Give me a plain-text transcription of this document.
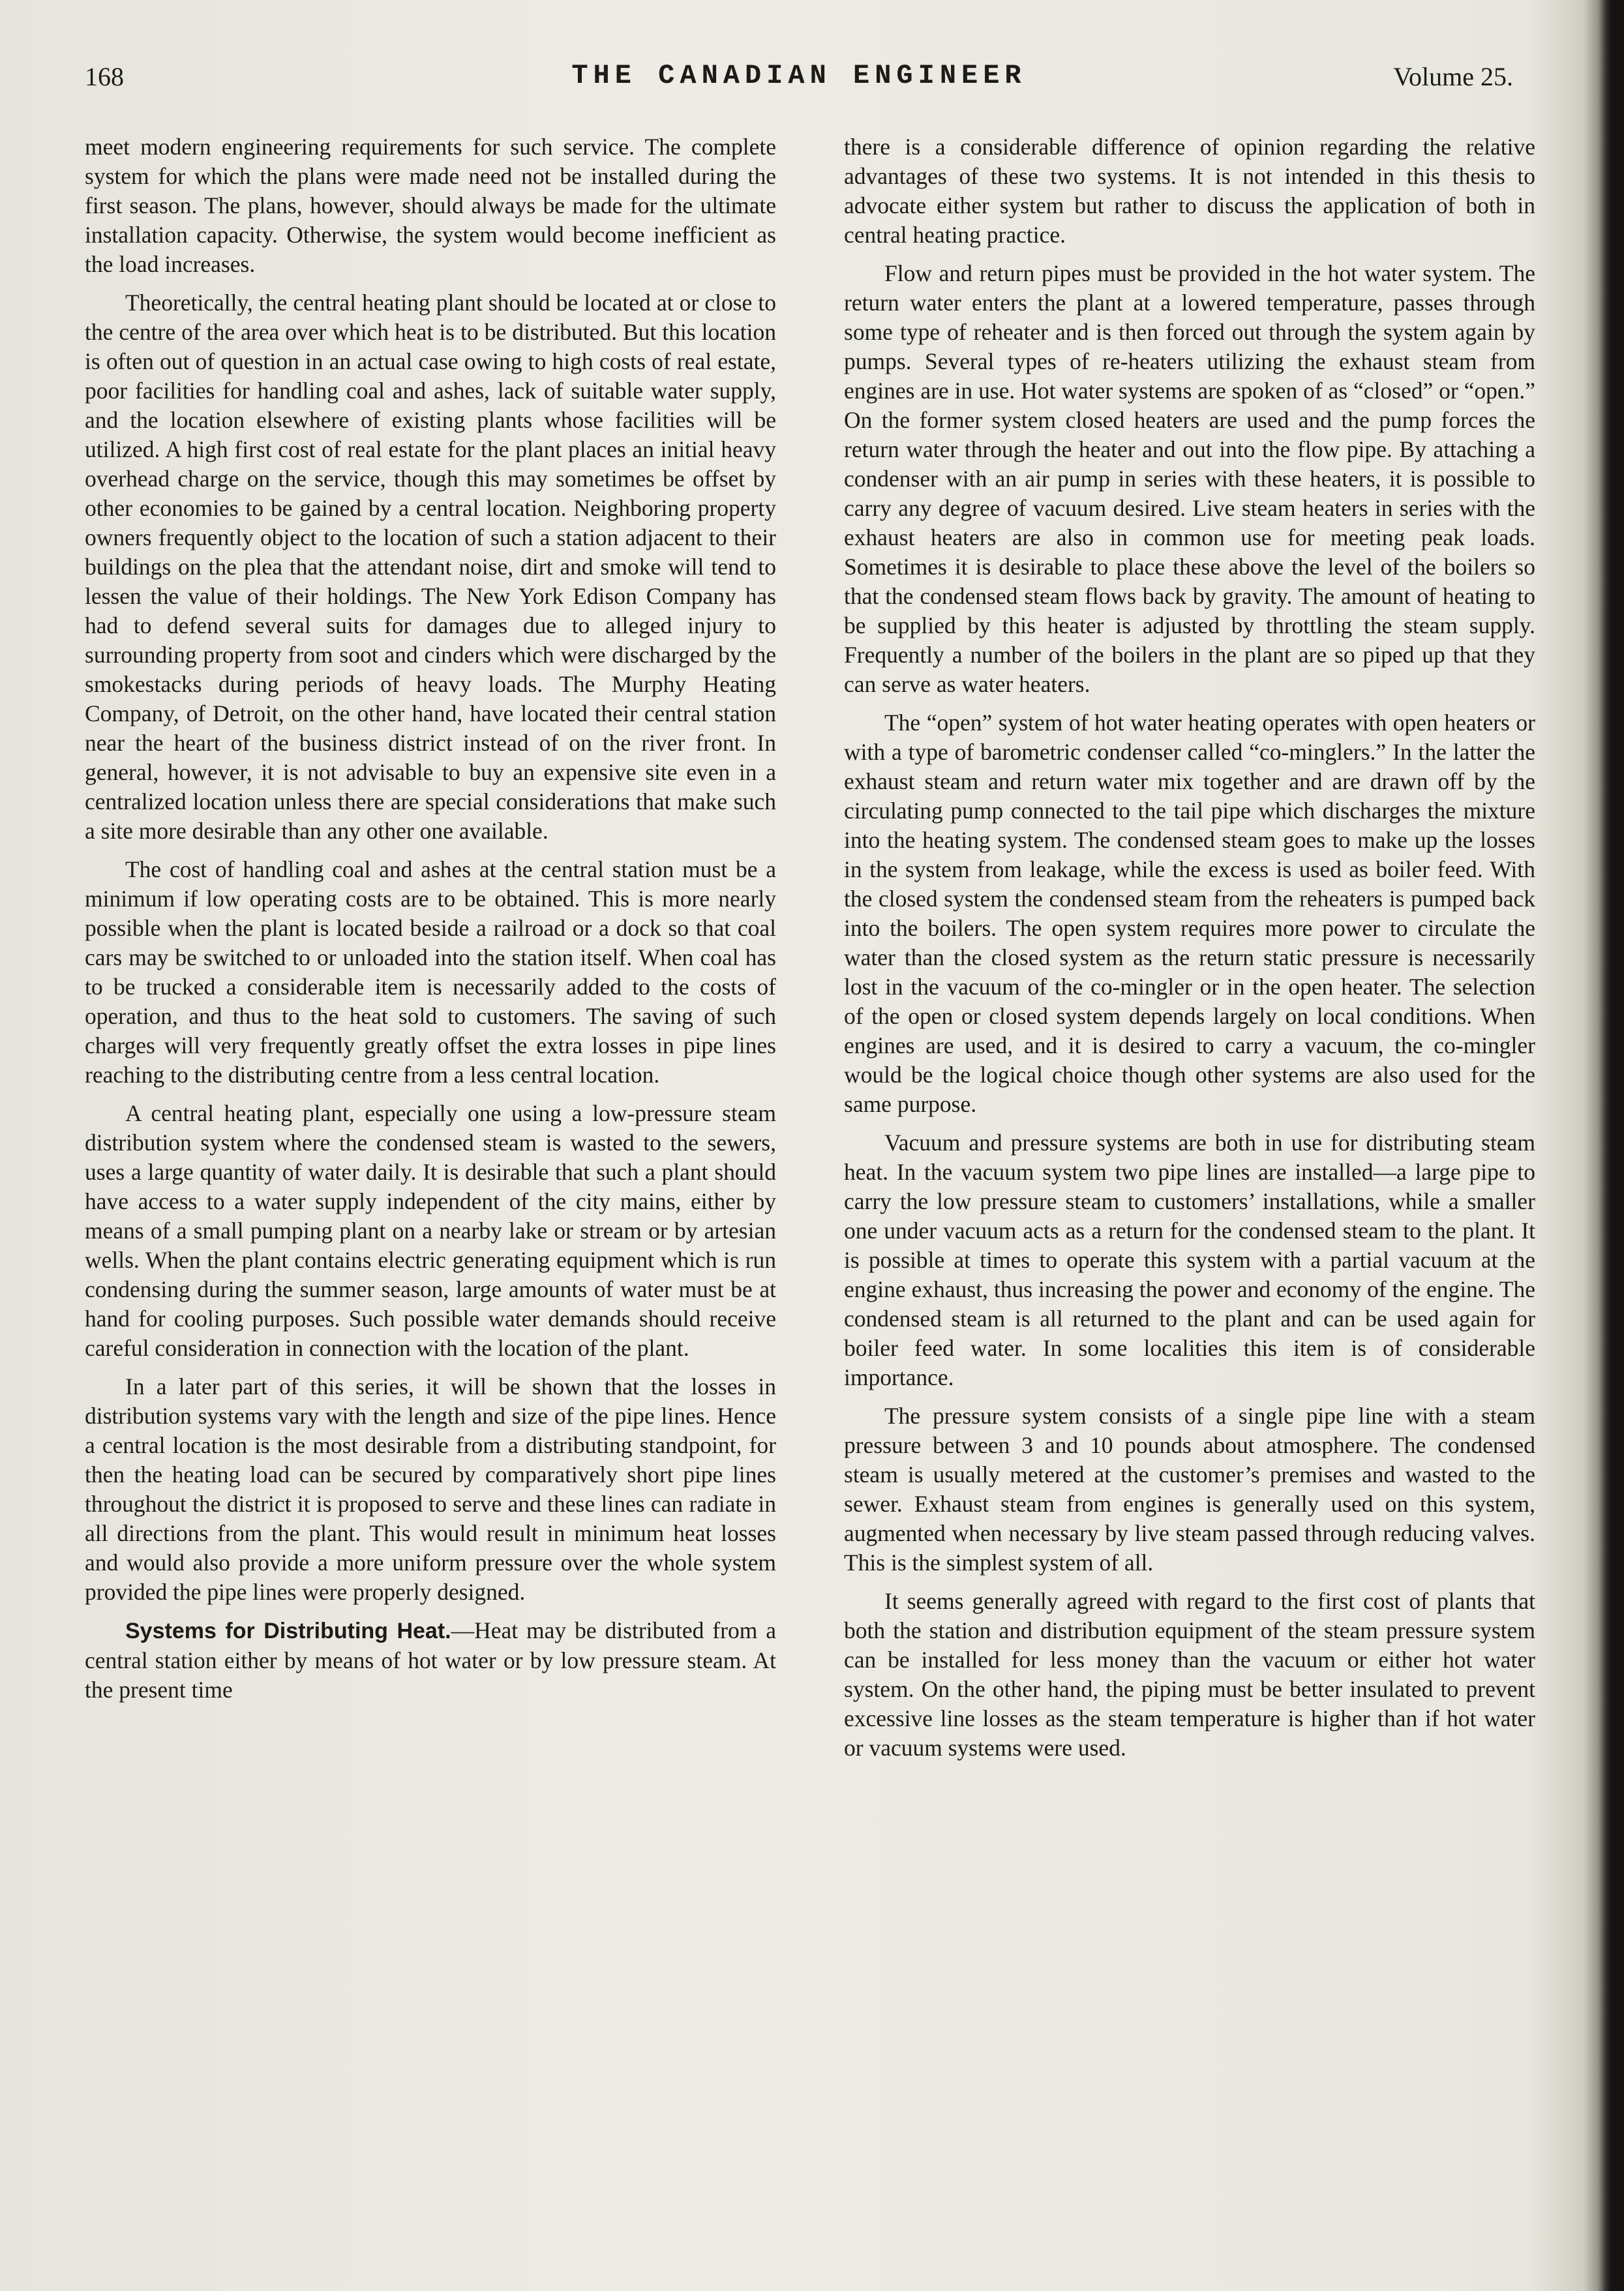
168	THE CANADIAN ENGINEER	Volume 25.

meet modern engineering requirements for such service. The complete system for which the plans were made need not be installed during the first season. The plans, however, should always be made for the ultimate installation capacity. Otherwise, the system would become inefficient as the load increases.

Theoretically, the central heating plant should be located at or close to the centre of the area over which heat is to be distributed. But this location is often out of question in an actual case owing to high costs of real estate, poor facilities for handling coal and ashes, lack of suitable water supply, and the location elsewhere of existing plants whose facilities will be utilized. A high first cost of real estate for the plant places an initial heavy overhead charge on the service, though this may sometimes be offset by other economies to be gained by a central location. Neighboring property owners frequently object to the location of such a station adjacent to their buildings on the plea that the attendant noise, dirt and smoke will tend to lessen the value of their holdings. The New York Edison Company has had to defend several suits for damages due to alleged injury to surrounding property from soot and cinders which were discharged by the smokestacks during periods of heavy loads. The Murphy Heating Company, of Detroit, on the other hand, have located their central station near the heart of the business district instead of on the river front. In general, however, it is not advisable to buy an expensive site even in a centralized location unless there are special considerations that make such a site more desirable than any other one available.

The cost of handling coal and ashes at the central station must be a minimum if low operating costs are to be obtained. This is more nearly possible when the plant is located beside a railroad or a dock so that coal cars may be switched to or unloaded into the station itself. When coal has to be trucked a considerable item is necessarily added to the costs of operation, and thus to the heat sold to customers. The saving of such charges will very frequently greatly offset the extra losses in pipe lines reaching to the distributing centre from a less central location.

A central heating plant, especially one using a low-pressure steam distribution system where the condensed steam is wasted to the sewers, uses a large quantity of water daily. It is desirable that such a plant should have access to a water supply independent of the city mains, either by means of a small pumping plant on a nearby lake or stream or by artesian wells. When the plant contains electric generating equipment which is run condensing during the summer season, large amounts of water must be at hand for cooling purposes. Such possible water demands should receive careful consideration in connection with the location of the plant.

In a later part of this series, it will be shown that the losses in distribution systems vary with the length and size of the pipe lines. Hence a central location is the most desirable from a distributing standpoint, for then the heating load can be secured by comparatively short pipe lines throughout the district it is proposed to serve and these lines can radiate in all directions from the plant. This would result in minimum heat losses and would also provide a more uniform pressure over the whole system provided the pipe lines were properly designed.

Systems for Distributing Heat.—Heat may be distributed from a central station either by means of hot water or by low pressure steam. At the present time

there is a considerable difference of opinion regarding the relative advantages of these two systems. It is not intended in this thesis to advocate either system but rather to discuss the application of both in central heating practice.

Flow and return pipes must be provided in the hot water system. The return water enters the plant at a lowered temperature, passes through some type of reheater and is then forced out through the system again by pumps. Several types of re-heaters utilizing the exhaust steam from engines are in use. Hot water systems are spoken of as “closed” or “open.” On the former system closed heaters are used and the pump forces the return water through the heater and out into the flow pipe. By attaching a condenser with an air pump in series with these heaters, it is possible to carry any degree of vacuum desired. Live steam heaters in series with the exhaust heaters are also in common use for meeting peak loads. Sometimes it is desirable to place these above the level of the boilers so that the condensed steam flows back by gravity. The amount of heating to be supplied by this heater is adjusted by throttling the steam supply. Frequently a number of the boilers in the plant are so piped up that they can serve as water heaters.

The “open” system of hot water heating operates with open heaters or with a type of barometric condenser called “co-minglers.” In the latter the exhaust steam and return water mix together and are drawn off by the circulating pump connected to the tail pipe which discharges the mixture into the heating system. The condensed steam goes to make up the losses in the system from leakage, while the excess is used as boiler feed. With the closed system the condensed steam from the reheaters is pumped back into the boilers. The open system requires more power to circulate the water than the closed system as the return static pressure is necessarily lost in the vacuum of the co-mingler or in the open heater. The selection of the open or closed system depends largely on local conditions. When engines are used, and it is desired to carry a vacuum, the co-mingler would be the logical choice though other systems are also used for the same purpose.

Vacuum and pressure systems are both in use for distributing steam heat. In the vacuum system two pipe lines are installed—a large pipe to carry the low pressure steam to customers’ installations, while a smaller one under vacuum acts as a return for the condensed steam to the plant. It is possible at times to operate this system with a partial vacuum at the engine exhaust, thus increasing the power and economy of the engine. The condensed steam is all returned to the plant and can be used again for boiler feed water. In some localities this item is of considerable importance.

The pressure system consists of a single pipe line with a steam pressure between 3 and 10 pounds about atmosphere. The condensed steam is usually metered at the customer’s premises and wasted to the sewer. Exhaust steam from engines is generally used on this system, augmented when necessary by live steam passed through reducing valves. This is the simplest system of all.

It seems generally agreed with regard to the first cost of plants that both the station and distribution equipment of the steam pressure system can be installed for less money than the vacuum or either hot water system. On the other hand, the piping must be better insulated to prevent excessive line losses as the steam temperature is higher than if hot water or vacuum systems were used.
